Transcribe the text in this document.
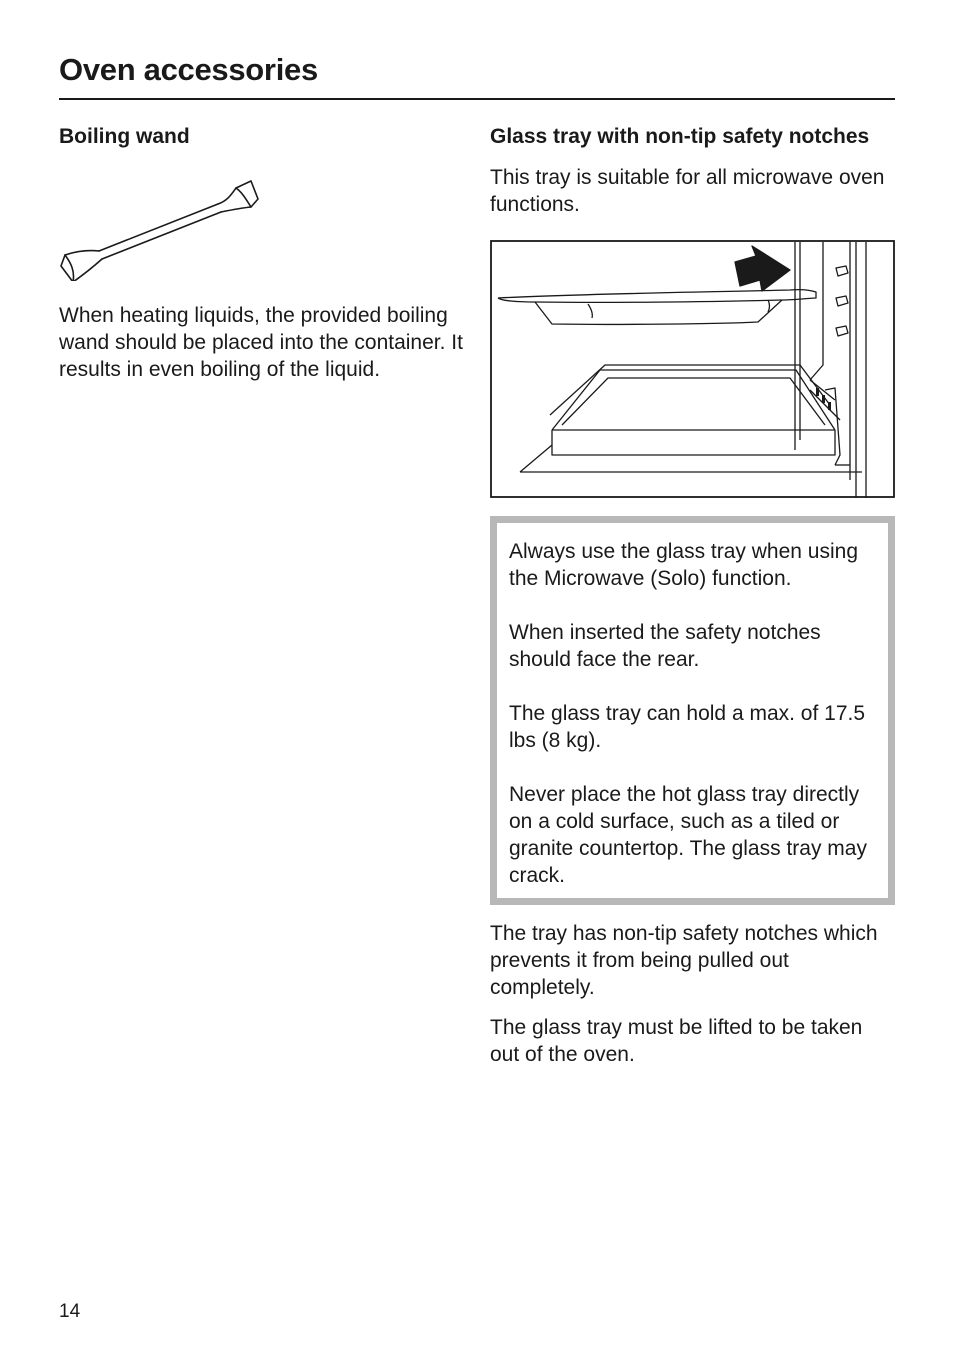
Oven accessories
Boiling wand

When heating liquids, the provided boiling wand should be placed into the container. It results in even boiling of the liquid.

Glass tray with non-tip safety notches

This tray is suitable for all microwave oven functions.

Always use the glass tray when using the Microwave (Solo) function.

When inserted the safety notches should face the rear.

The glass tray can hold a max. of 17.5 lbs (8 kg).

Never place the hot glass tray directly on a cold surface, such as a tiled or granite countertop. The glass tray may crack.

The tray has non-tip safety notches which prevents it from being pulled out completely.

The glass tray must be lifted to be taken out of the oven.

14
